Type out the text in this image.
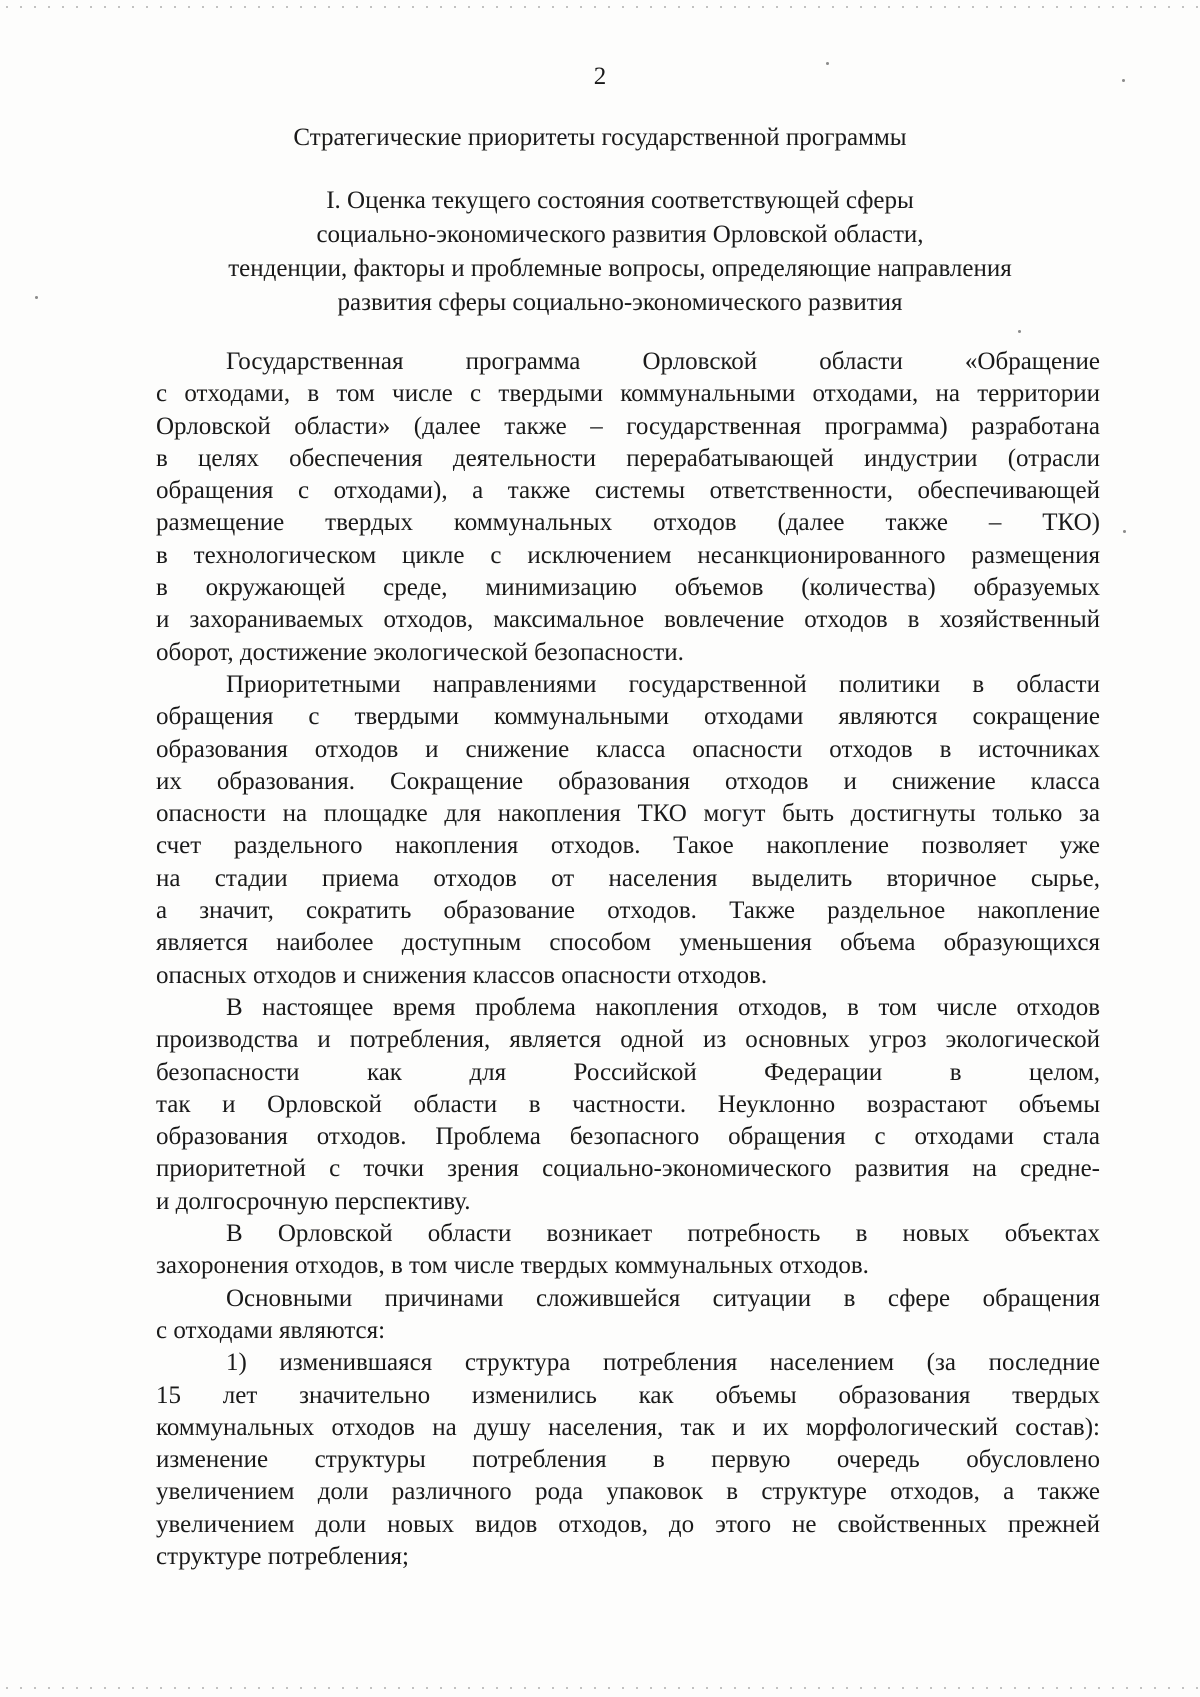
2
Стратегические приоритеты государственной программы
I. Оценка текущего состояния соответствующей сферы
социально-экономического развития Орловской области,
тенденции, факторы и проблемные вопросы, определяющие направления
развития сферы социально-экономического развития
Государственная программа Орловской области «Обращение
с отходами, в том числе с твердыми коммунальными отходами, на территории
Орловской области» (далее также – государственная программа) разработана
в целях обеспечения деятельности перерабатывающей индустрии (отрасли
обращения с отходами), а также системы ответственности, обеспечивающей
размещение твердых коммунальных отходов (далее также – ТКО)
в технологическом цикле с исключением несанкционированного размещения
в окружающей среде, минимизацию объемов (количества) образуемых
и захораниваемых отходов, максимальное вовлечение отходов в хозяйственный
оборот, достижение экологической безопасности.
Приоритетными направлениями государственной политики в области
обращения с твердыми коммунальными отходами являются сокращение
образования отходов и снижение класса опасности отходов в источниках
их образования. Сокращение образования отходов и снижение класса
опасности на площадке для накопления ТКО могут быть достигнуты только за
счет раздельного накопления отходов. Такое накопление позволяет уже
на стадии приема отходов от населения выделить вторичное сырье,
а значит, сократить образование отходов. Также раздельное накопление
является наиболее доступным способом уменьшения объема образующихся
опасных отходов и снижения классов опасности отходов.
В настоящее время проблема накопления отходов, в том числе отходов
производства и потребления, является одной из основных угроз экологической
безопасности как для Российской Федерации в целом,
так и Орловской области в частности. Неуклонно возрастают объемы
образования отходов. Проблема безопасного обращения с отходами стала
приоритетной с точки зрения социально-экономического развития на средне-
и долгосрочную перспективу.
В Орловской области возникает потребность в новых объектах
захоронения отходов, в том числе твердых коммунальных отходов.
Основными причинами сложившейся ситуации в сфере обращения
с отходами являются:
1) изменившаяся структура потребления населением (за последние
15 лет значительно изменились как объемы образования твердых
коммунальных отходов на душу населения, так и их морфологический состав):
изменение структуры потребления в первую очередь обусловлено
увеличением доли различного рода упаковок в структуре отходов, а также
увеличением доли новых видов отходов, до этого не свойственных прежней
структуре потребления;
